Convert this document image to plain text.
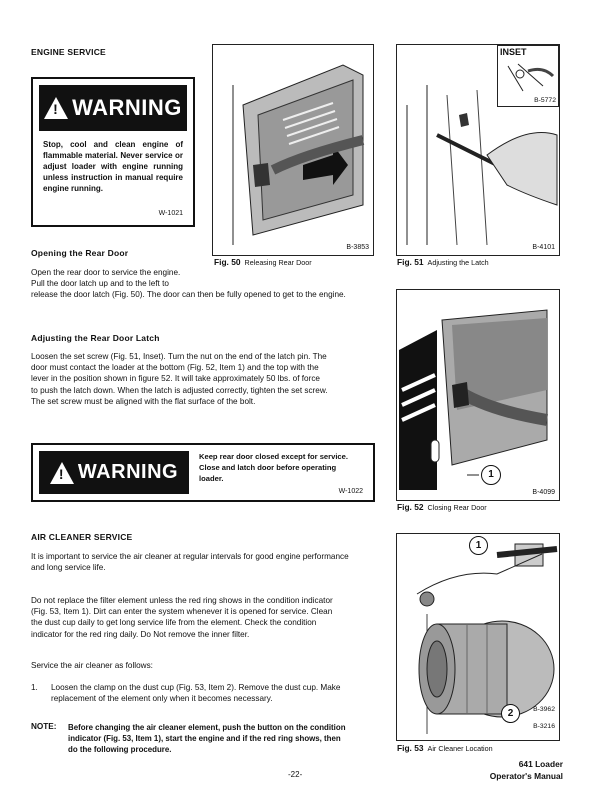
ENGINE SERVICE
! WARNING
Stop, cool and clean engine of flammable material. Never service or adjust loader with engine running unless instruction in manual require engine running.
W-1021
B-3853
Fig. 50 Releasing Rear Door
INSET
B-5772
B-4101
Fig. 51 Adjusting the Latch
Opening the Rear Door
Open the rear door to service the engine.
Pull the door latch up and to the left to
release the door latch (Fig. 50). The door can then be fully opened to get to the engine.
Adjusting the Rear Door Latch
Loosen the set screw (Fig. 51, Inset). Turn the nut on the end of the latch pin. The
door must contact the loader at the bottom (Fig. 52, Item 1) and the top with the
lever in the position shown in figure 52. It will take approximately 50 lbs. of force
to push the latch down. When the latch is adjusted correctly, tighten the set screw.
The set screw must be aligned with the flat surface of the bolt.
1
B-4099
Fig. 52 Closing Rear Door
! WARNING
Keep rear door closed except for service.
Close and latch door before operating
loader.
W-1022
AIR CLEANER SERVICE
It is important to service the air cleaner at regular intervals for good engine performance
and long service life.
Do not replace the filter element unless the red ring shows in the condition indicator
(Fig. 53, Item 1). Dirt can enter the system whenever it is opened for service. Clean
the dust cup daily to get long service life from the element. Check the condition
indicator for the red ring daily. Do Not remove the inner filter.
Service the air cleaner as follows:
1. Loosen the clamp on the dust cup (Fig. 53, Item 2). Remove the dust cup. Make
replacement of the element only when it becomes necessary.
NOTE: Before changing the air cleaner element, push the button on the condition
indicator (Fig. 53, Item 1), start the engine and if the red ring shows, then
do the following procedure.
1
2	B-3962
B-3216
Fig. 53 Air Cleaner Location
-22-
641 Loader
Operator's Manual
